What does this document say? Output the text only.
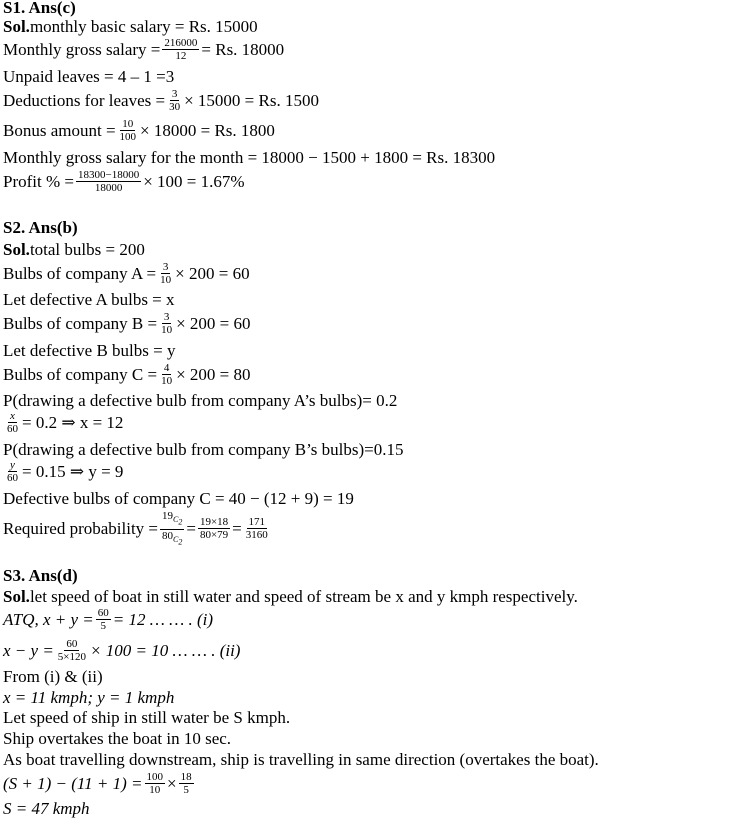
S1. Ans(c)
Sol. monthly basic salary = Rs. 15000
Monthly gross salary = $\frac{216000}{12} = Rs$. 18000
Unpaid leaves = 4 – 1 =3
Deductions for leaves = $\frac{3}{30} \times 15000 = Rs$. 1500
Bonus amount = $\frac{10}{100} \times 18000 = Rs$. 1800
Monthly gross salary for the month = 18000 − 1500 + 1800 = Rs. 18300
Profit % = $\frac{18300-18000}{18000} \times 100 = 1.67\%$
S2. Ans(b)
Sol. total bulbs = 200
Bulbs of company $A = \frac{3}{10} \times 200 = 60$
Let defective A bulbs = x
Bulbs of company $B = \frac{3}{10} \times 200 = 60$
Let defective B bulbs = y
Bulbs of company $C = \frac{4}{10} \times 200 = 80$
P(drawing a defective bulb from company A’s bulbs)= 0.2
$\frac{x}{60} = 0.2$ ⇒ x = 12
P(drawing a defective bulb from company B’s bulbs)=0.15
$\frac{y}{60} = 0.15$ ⇒ y = 9
Defective bulbs of company C = 40 − (12 + 9) = 19
Required probability = $\frac{19_{C_2}}{80_{C_2}} = \frac{19\times 18}{80\times 79} = \frac{171}{3160}$
S3. Ans(d)
Sol. let speed of boat in still water and speed of stream be x and y kmph respectively.
ATQ, $x + y = \frac{60}{5} = 12$ … … . (i)
$x - y = \frac{60}{5\times 120} \times 100 = 10$ … … . (ii)
From (i) & (ii)
x = 11 kmph; y = 1 kmph
Let speed of ship in still water be S kmph.
Ship overtakes the boat in 10 sec.
As boat travelling downstream, ship is travelling in same direction (overtakes the boat).
$(S + 1) - (11 + 1) = \frac{100}{10} \times \frac{18}{5}$
S = 47 kmph
